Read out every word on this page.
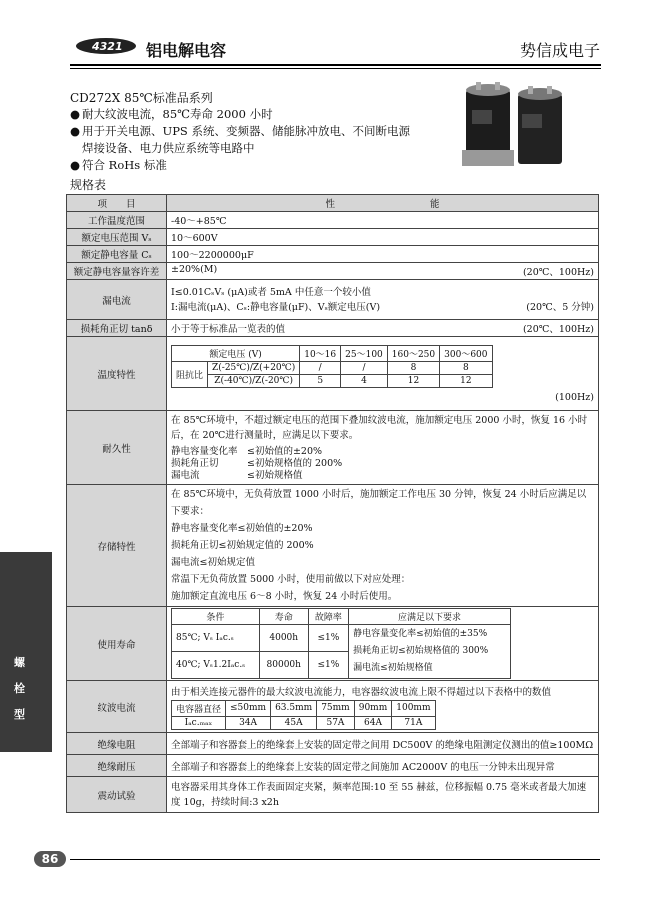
4321 铝电解电容	势信成电子
CD272X 85℃标准品系列
● 耐大纹波电流，85℃寿命 2000 小时
● 用于开关电源、UPS 系统、变频器、储能脉冲放电、不间断电源
焊接设备、电力供应系统等电路中
● 符合 RoHs 标准
规格表
项　　目	性　　　　　　　　　　能
工作温度范围	-40～+85℃
额定电压范围 Vₛ	10～600V
额定静电容量 Cₛ	100～2200000μF
额定静电容量容许差	±20%(M)	(20℃、100Hz)

漏电流	
I≤0.01CₛVₛ (μA)或者 5mA 中任意一个较小值
I:漏电流(μA)、Cₛ:静电容量(μF)、Vₛ额定电压(V)	(20℃、5 分钟)

损耗角正切 tanδ	小于等于标准品一览表的值	(20℃、100Hz)

温度特性	
额定电压 (V)	10～16	25～100	160～250	300～600
阻抗比	Z(-25℃)/Z(+20℃)	/	/	8	8
Z(-40℃)/Z(-20℃)	5	4	12	12
(100Hz)

耐久性	
在 85℃环境中，不超过额定电压的范围下叠加纹波电流，施加额定电压 2000 小时，恢复 16 小时后，在 20℃进行测量时，应满足以下要求。
静电容量变化率　≤初始值的±20%
损耗角正切　　　≤初始规格值的 200%
漏电流　　　　　≤初始规格值

存储特性	
在 85℃环境中，无负荷放置 1000 小时后，施加额定工作电压 30 分钟，恢复 24 小时后应满足以下要求：
静电容量变化率≤初始值的±20%
损耗角正切≤初始规定值的 200%
漏电流≤初始规定值
常温下无负荷放置 5000 小时，使用前做以下对应处理：
施加额定直流电压 6～8 小时，恢复 24 小时后使用。

使用寿命	
条件	寿命	故障率	应满足以下要求
85℃; Vₛ Iₐc.ₛ	4000h	≤1%	静电容量变化率≤初始值的±35%
损耗角正切≤初始规格值的 300%
漏电流≤初始规格值

40℃; Vₛ1.2Iₐc.ₛ	80000h	≤1%

纹波电流	
由于相关连接元器件的最大纹波电流能力，电容器纹波电流上限不得超过以下表格中的数值
电容器直径	≤50mm	63.5mm	75mm	90mm	100mm
Iₐc.ₘₐₓ	34A	45A	57A	64A	71A

绝缘电阻	全部端子和容器套上的绝缘套上安装的固定带之间用 DC500V 的绝缘电阻测定仪测出的值≥100MΩ
绝缘耐压	全部端子和容器套上的绝缘套上安装的固定带之间施加 AC2000V 的电压一分钟未出现异常
震动试验	电容器采用其身体工作表面固定夹紧，频率范围:10 至 55 赫兹，位移振幅 0.75 毫米或者最大加速度 10g，持续时间:3 x2h
螺
栓
型
86
